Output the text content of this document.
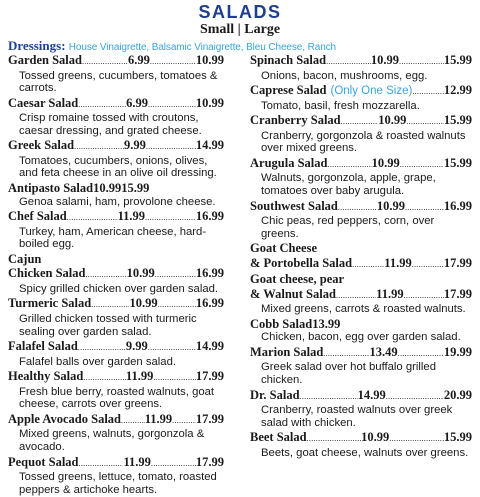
SALADS
Small | Large
Dressings: House Vinaigrette, Balsamic Vinaigrette, Bleu Cheese, Ranch
Garden Salad .....	6.99 .....	10.99
Tossed greens, cucumbers, tomatoes & carrots.
Caesar Salad .....	6.99 .....	10.99
Crisp romaine tossed with croutons, caesar dressing, and grated cheese.
Greek Salad .....	9.99 .....	14.99
Tomatoes, cucumbers, onions, olives, and feta cheese in an olive oil dressing.
Antipasto Salad 10.99 15.99
Genoa salami, ham, provolone cheese.
Chef Salad .....	11.99 .....	16.99
Turkey, ham, American cheese, hard-boiled egg.
Cajun
Chicken Salad .....	10.99 .....	16.99
Spicy grilled chicken over garden salad.
Turmeric Salad .....	10.99 .....	16.99
Grilled chicken tossed with turmeric sealing over garden salad.
Falafel Salad .....	9.99 .....	14.99
Falafel balls over garden salad.
Healthy Salad .....	11.99 .....	17.99
Fresh blue berry, roasted walnuts, goat cheese, carrots over greens.
Apple Avocado Salad ..... 11.99 ..... 17.99
Mixed greens, walnuts, gorgonzola & avocado.
Pequot Salad .....	11.99 .....	17.99
Tossed greens, lettuce, tomato, roasted peppers & artichoke hearts.
Spinach Salad .....	10.99 .....	15.99
Onions, bacon, mushrooms, egg.
Caprese Salad (Only One Size) .....	12.99
Tomato, basil, fresh mozzarella.
Cranberry Salad .....	10.99 .....	15.99
Cranberry, gorgonzola & roasted walnuts over mixed greens.
Arugula Salad .....	10.99 .....	15.99
Walnuts, gorgonzola, apple, grape, tomatoes over baby arugula.
Southwest Salad .....	10.99 .....	16.99
Chic peas, red peppers, corn, over greens.
Goat Cheese
& Portobella Salad .....	11.99 .....	17.99
Goat cheese, pear
& Walnut Salad .....	11.99 .....	17.99
Mixed greens, carrots & roasted walnuts.
Cobb Salad 13.99
Chicken, bacon, egg over garden salad.
Marion Salad .....	13.49 .....	19.99
Greek salad over hot buffalo grilled chicken.
Dr. Salad .....	14.99 .....	20.99
Cranberry, roasted walnuts over greek salad with chicken.
Beet Salad .....	10.99 .....	15.99
Beets, goat cheese, walnuts over greens.
